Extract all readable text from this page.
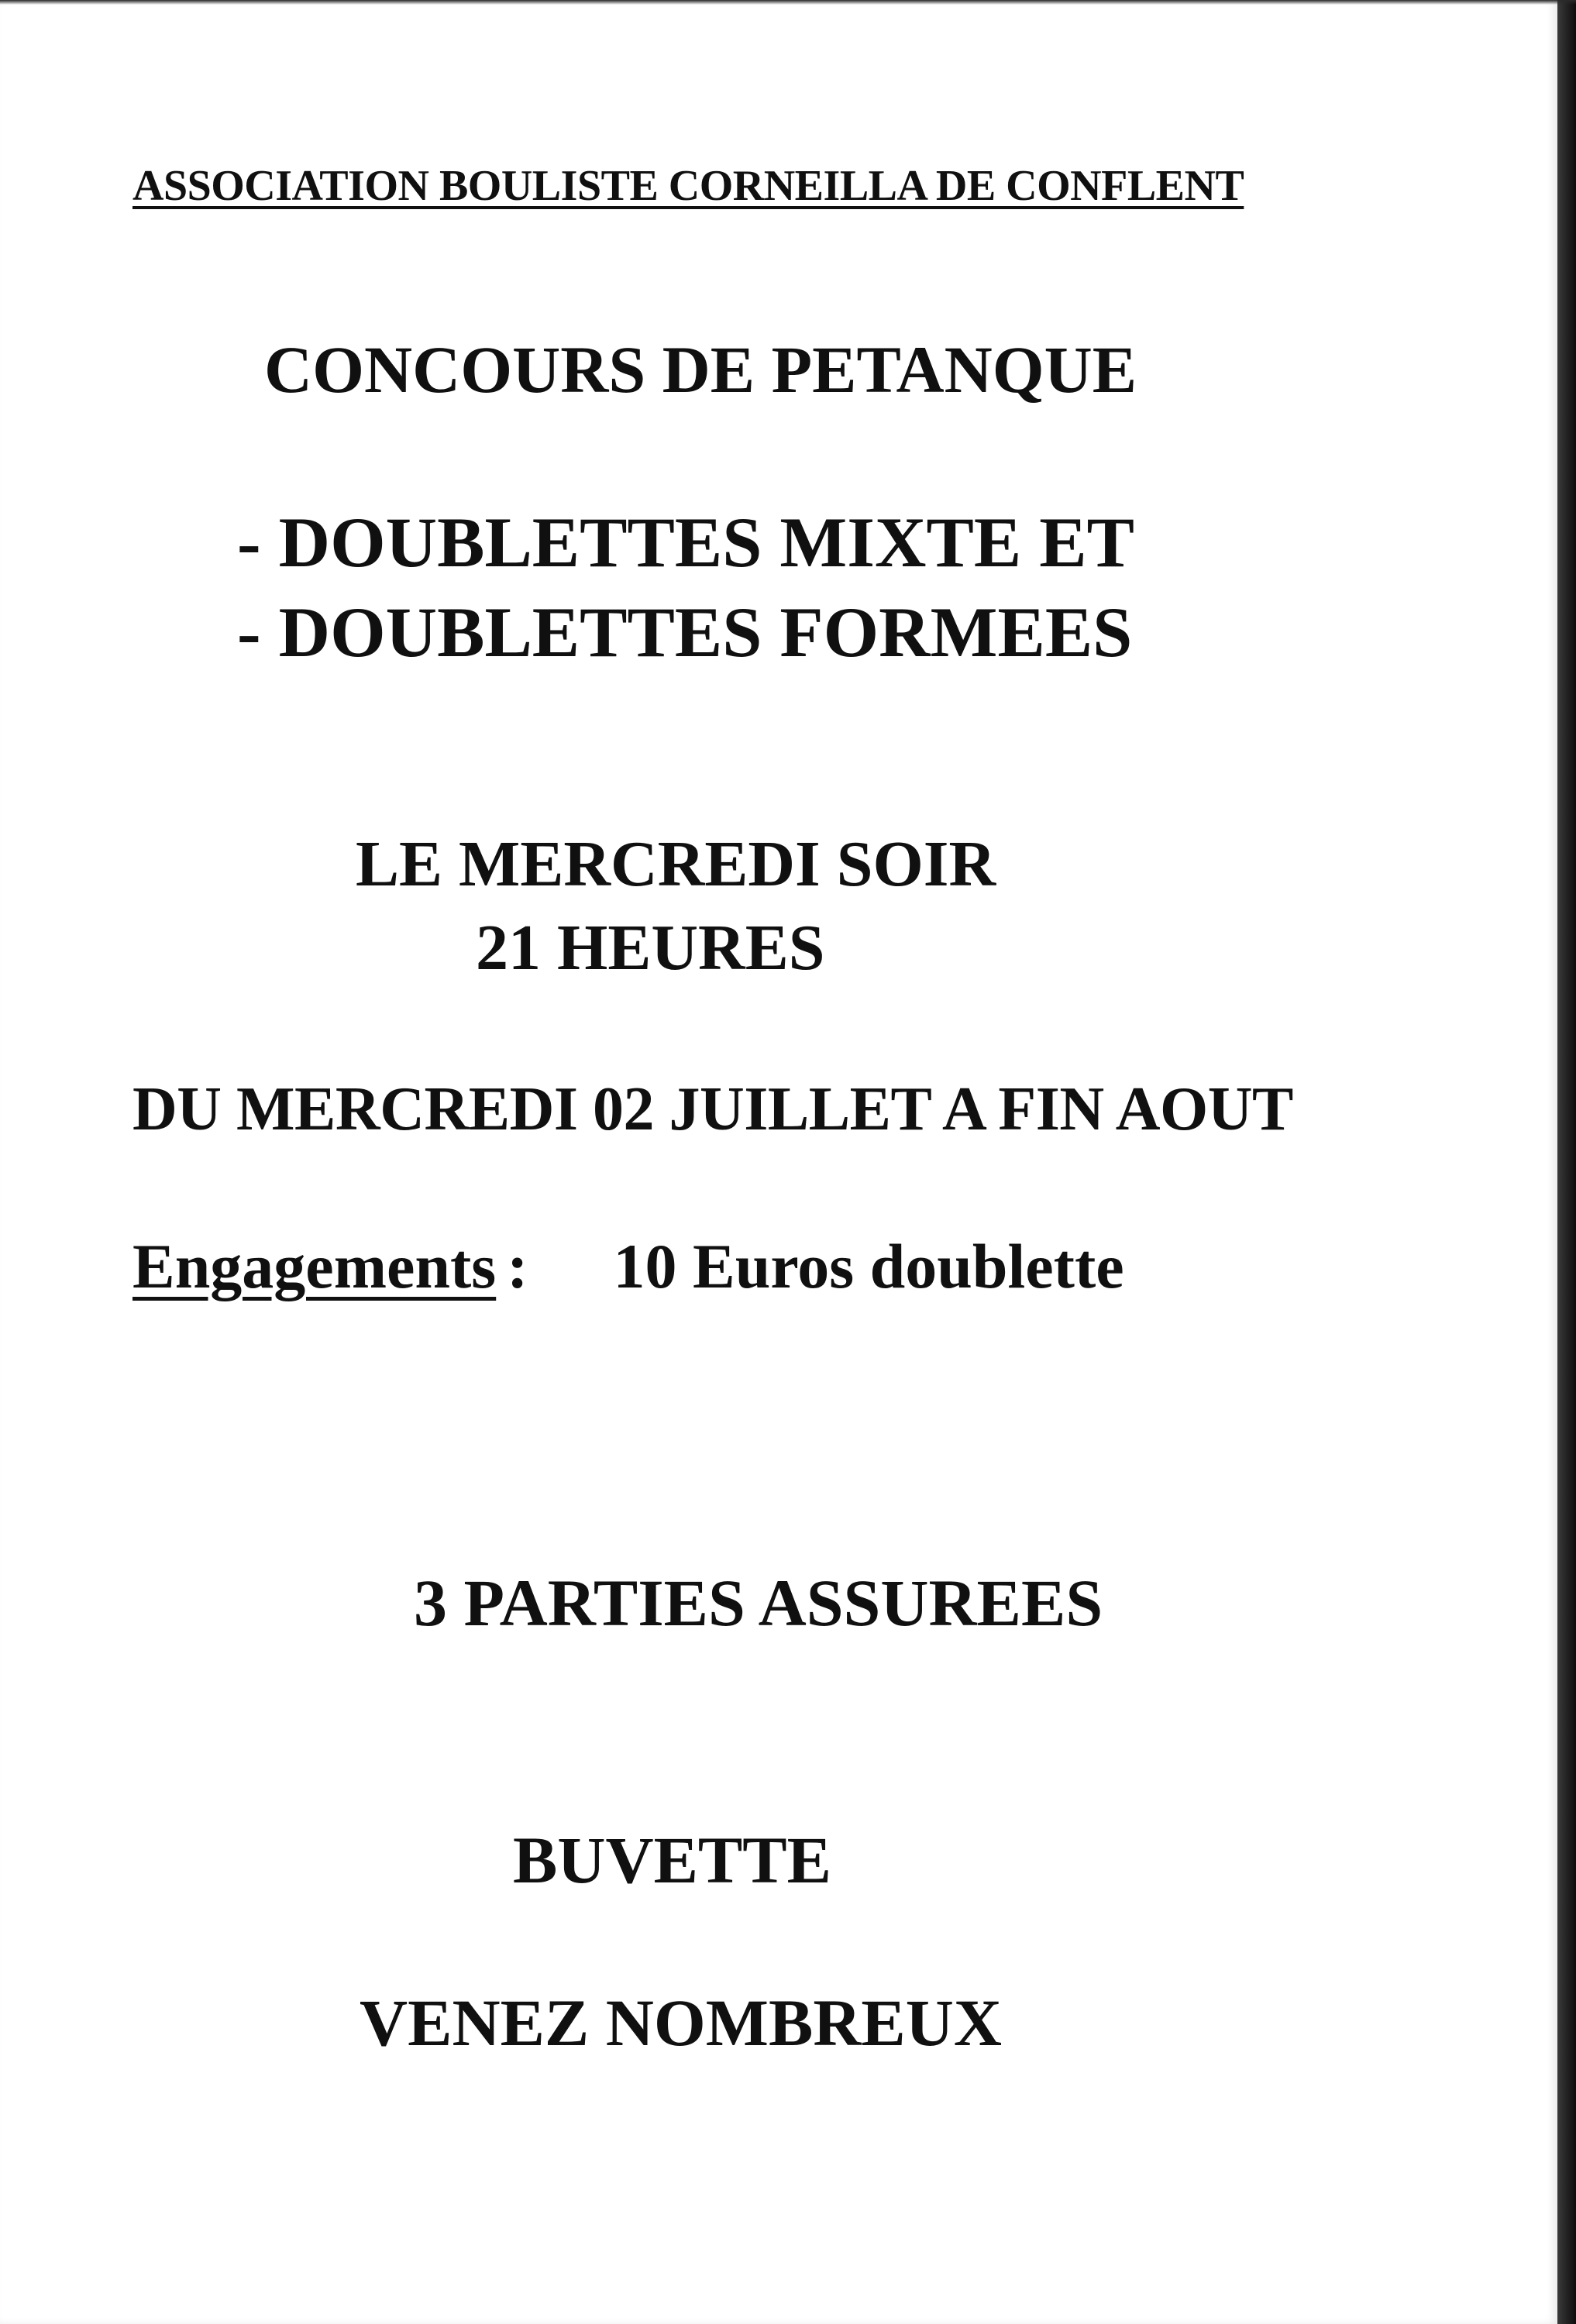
ASSOCIATION BOULISTE CORNEILLA DE CONFLENT

CONCOURS DE PETANQUE

- DOUBLETTES MIXTE ET

- DOUBLETTES FORMEES

LE MERCREDI SOIR

21 HEURES

DU MERCREDI 02 JUILLET A FIN AOUT

Engagements : 10 Euros doublette

3 PARTIES ASSUREES

BUVETTE

VENEZ NOMBREUX
